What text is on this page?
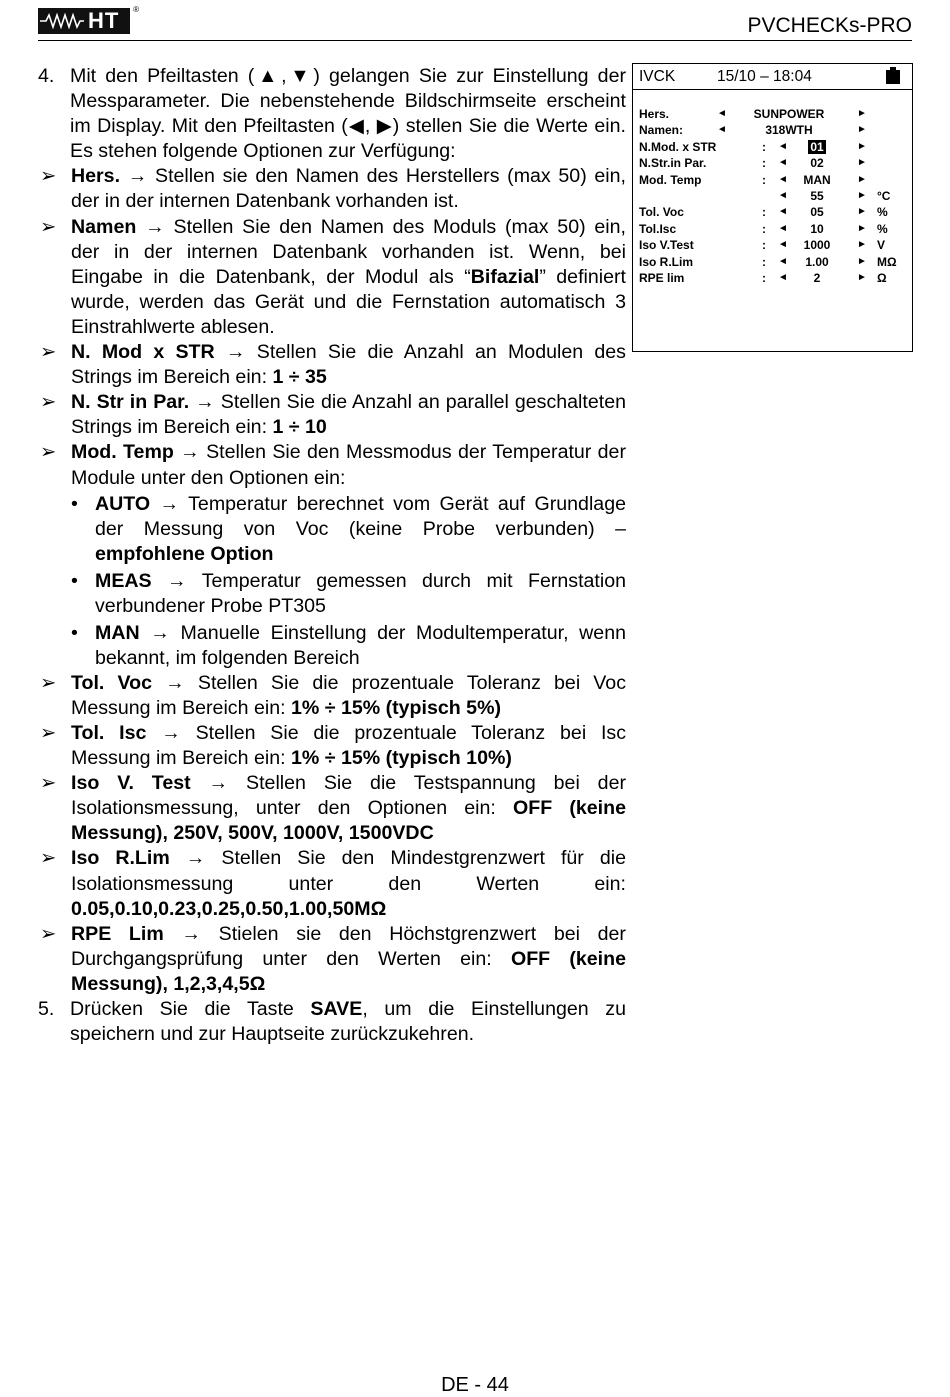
HT ®
PVCHECKs-PRO
4. Mit den Pfeiltasten (▲,▼) gelangen Sie zur Einstellung der Messparameter. Die nebenstehende Bildschirmseite erscheint im Display. Mit den Pfeiltasten (◀, ▶) stellen Sie die Werte ein. Es stehen folgende Optionen zur Verfügung:
➢ Hers. → Stellen sie den Namen des Herstellers (max 50) ein, der in der internen Datenbank vorhanden ist.
➢ Namen → Stellen Sie den Namen des Moduls (max 50) ein, der in der internen Datenbank vorhanden ist. Wenn, bei Eingabe in die Datenbank, der Modul als “Bifazial” definiert wurde, werden das Gerät und die Fernstation automatisch 3 Einstrahlwerte ablesen.
➢ N. Mod x STR → Stellen Sie die Anzahl an Modulen des Strings im Bereich ein: 1 ÷ 35
➢ N. Str in Par. → Stellen Sie die Anzahl an parallel geschalteten Strings im Bereich ein: 1 ÷ 10
➢ Mod. Temp → Stellen Sie den Messmodus der Temperatur der Module unter den Optionen ein:
• AUTO → Temperatur berechnet vom Gerät auf Grundlage der Messung von Voc (keine Probe verbunden) – empfohlene Option
• MEAS → Temperatur gemessen durch mit Fernstation verbundener Probe PT305
• MAN → Manuelle Einstellung der Modultemperatur, wenn bekannt, im folgenden Bereich
➢ Tol. Voc → Stellen Sie die prozentuale Toleranz bei Voc Messung im Bereich ein: 1% ÷ 15% (typisch 5%)
➢ Tol. Isc → Stellen Sie die prozentuale Toleranz bei Isc Messung im Bereich ein: 1% ÷ 15% (typisch 10%)
➢ Iso V. Test → Stellen Sie die Testspannung bei der Isolationsmessung, unter den Optionen ein: OFF (keine Messung), 250V, 500V, 1000V, 1500VDC
➢ Iso R.Lim → Stellen Sie den Mindestgrenzwert für die Isolationsmessung unter den Werten ein: 0.05,0.10,0.23,0.25,0.50,1.00,50MΩ
➢ RPE Lim → Stielen sie den Höchstgrenzwert bei der Durchgangsprüfung unter den Werten ein: OFF (keine Messung), 1,2,3,4,5Ω
5. Drücken Sie die Taste SAVE, um die Einstellungen zu speichern und zur Hauptseite zurückzukehren.
IVCK	15/10 – 18:04
Hers.	◄	SUNPOWER	►
Namen:	◄	318WTH	►
N.Mod. x STR	: ◄	01	►
N.Str.in Par.	: ◄	02	►
Mod. Temp	: ◄	MAN	►
◄	55	► °C
Tol. Voc	: ◄	05	► %
Tol.Isc	: ◄	10	► %
Iso V.Test	: ◄	1000	► V
Iso R.Lim	: ◄	1.00	► MΩ
RPE lim	: ◄	2	► Ω
DE - 44
